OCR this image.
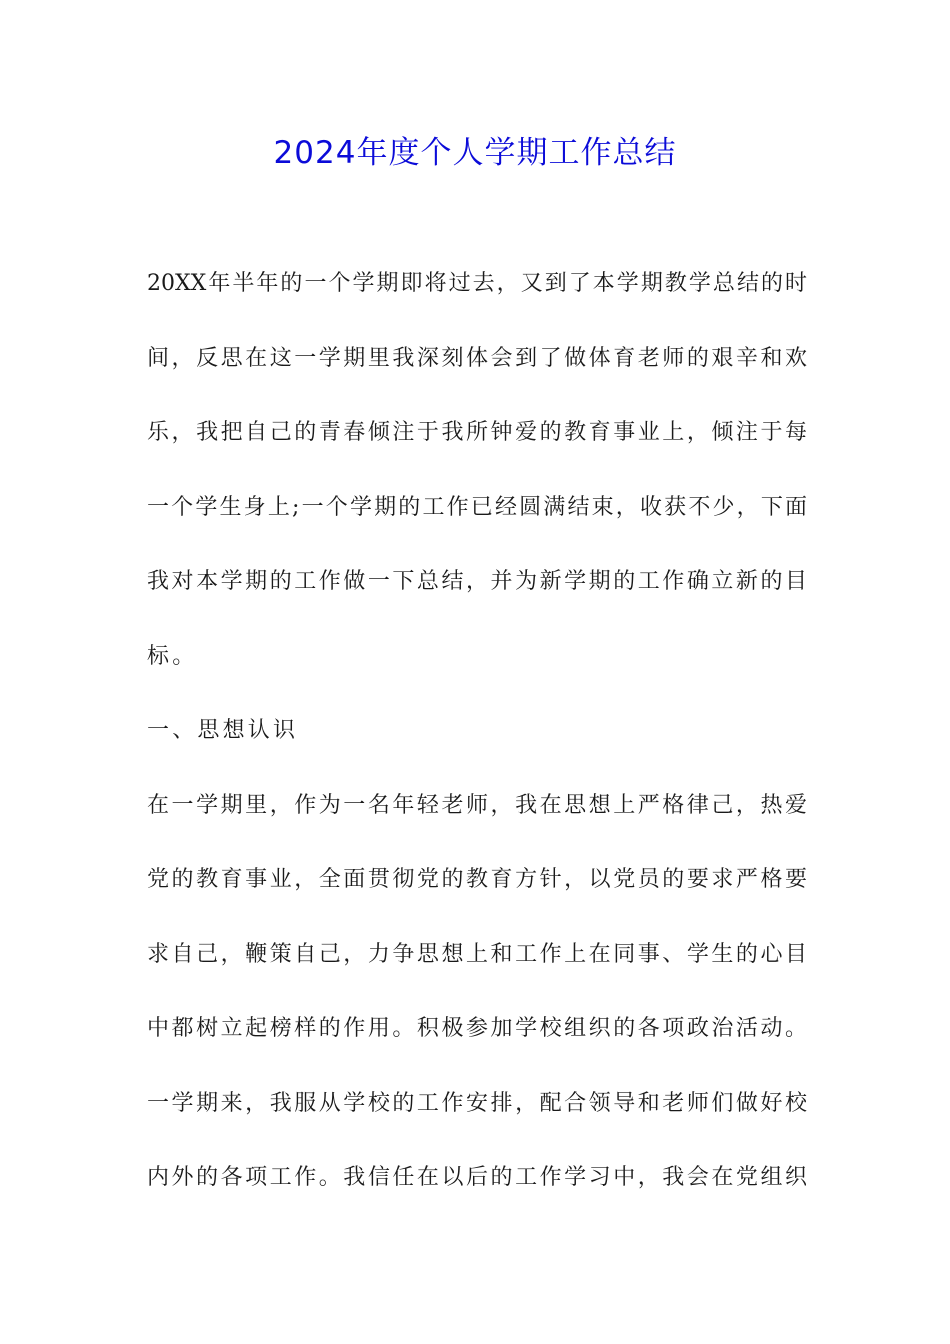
2024年度个人学期工作总结
20XX年半年的一个学期即将过去，又到了本学期教学总结的时
间，反思在这一学期里我深刻体会到了做体育老师的艰辛和欢
乐，我把自己的青春倾注于我所钟爱的教育事业上，倾注于每
一个学生身上;一个学期的工作已经圆满结束，收获不少，下面
我对本学期的工作做一下总结，并为新学期的工作确立新的目
标。
一、思想认识
在一学期里，作为一名年轻老师，我在思想上严格律己，热爱
党的教育事业，全面贯彻党的教育方针，以党员的要求严格要
求自己，鞭策自己，力争思想上和工作上在同事、学生的心目
中都树立起榜样的作用。积极参加学校组织的各项政治活动。
一学期来，我服从学校的工作安排，配合领导和老师们做好校
内外的各项工作。我信任在以后的工作学习中，我会在党组织
